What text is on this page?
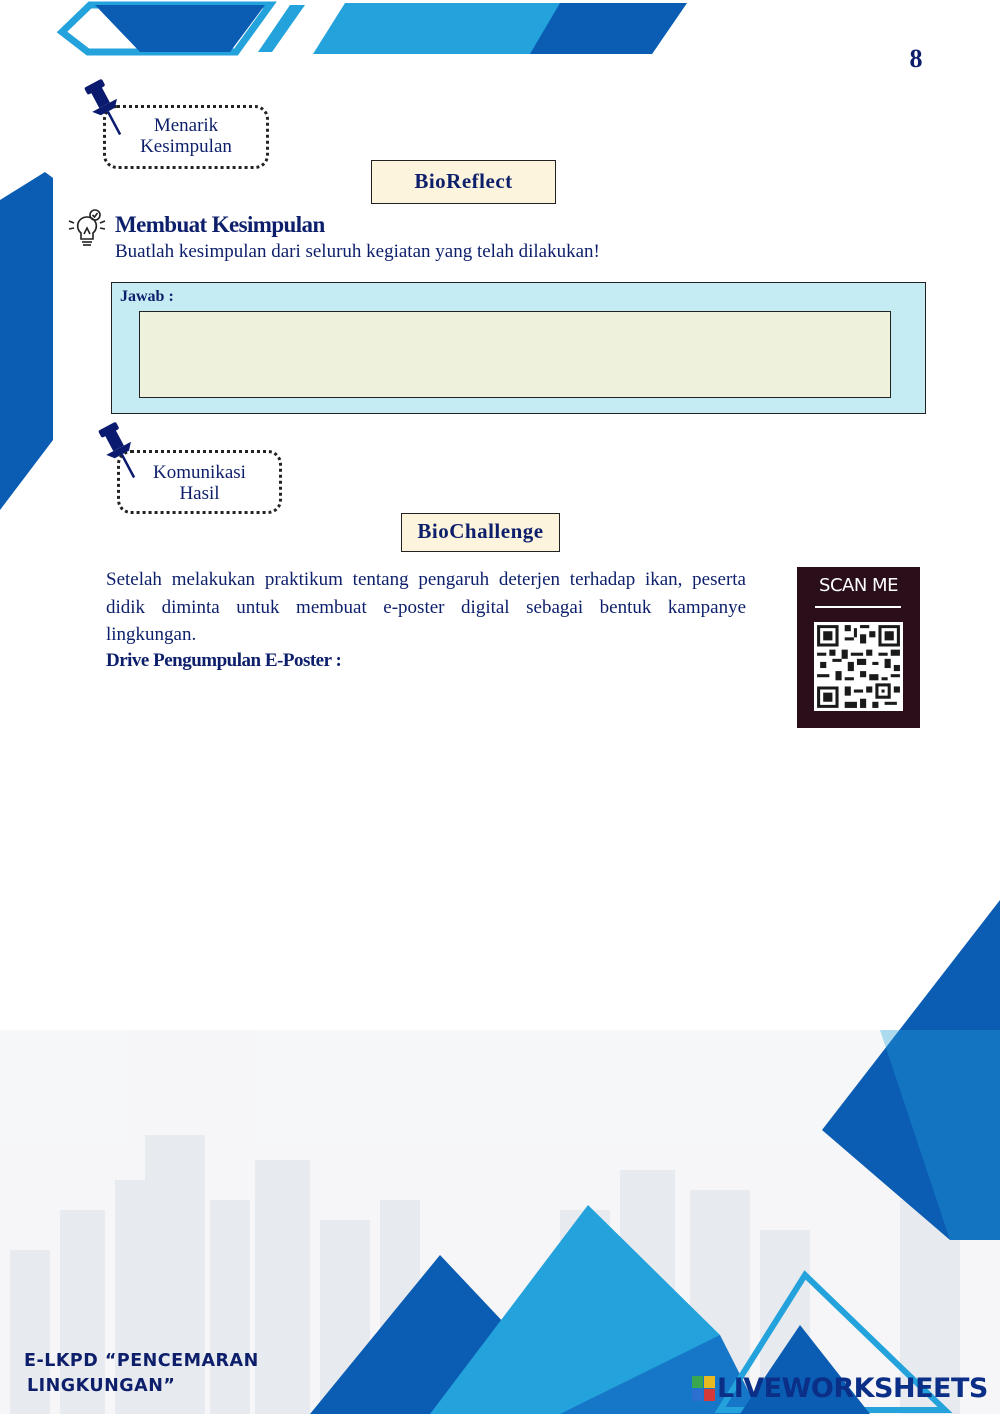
8
Menarik
Kesimpulan
BioReflect
Membuat Kesimpulan
Buatlah kesimpulan dari seluruh kegiatan yang telah dilakukan!
Jawab :
Komunikasi
Hasil
BioChallenge
Setelah melakukan praktikum tentang pengaruh deterjen terhadap ikan, peserta didik diminta untuk membuat e-poster digital sebagai bentuk kampanye lingkungan.
Drive Pengumpulan E-Poster :
SCAN ME
E-LKPD “PENCEMARAN
LINGKUNGAN”	LIVEWORKSHEETS
